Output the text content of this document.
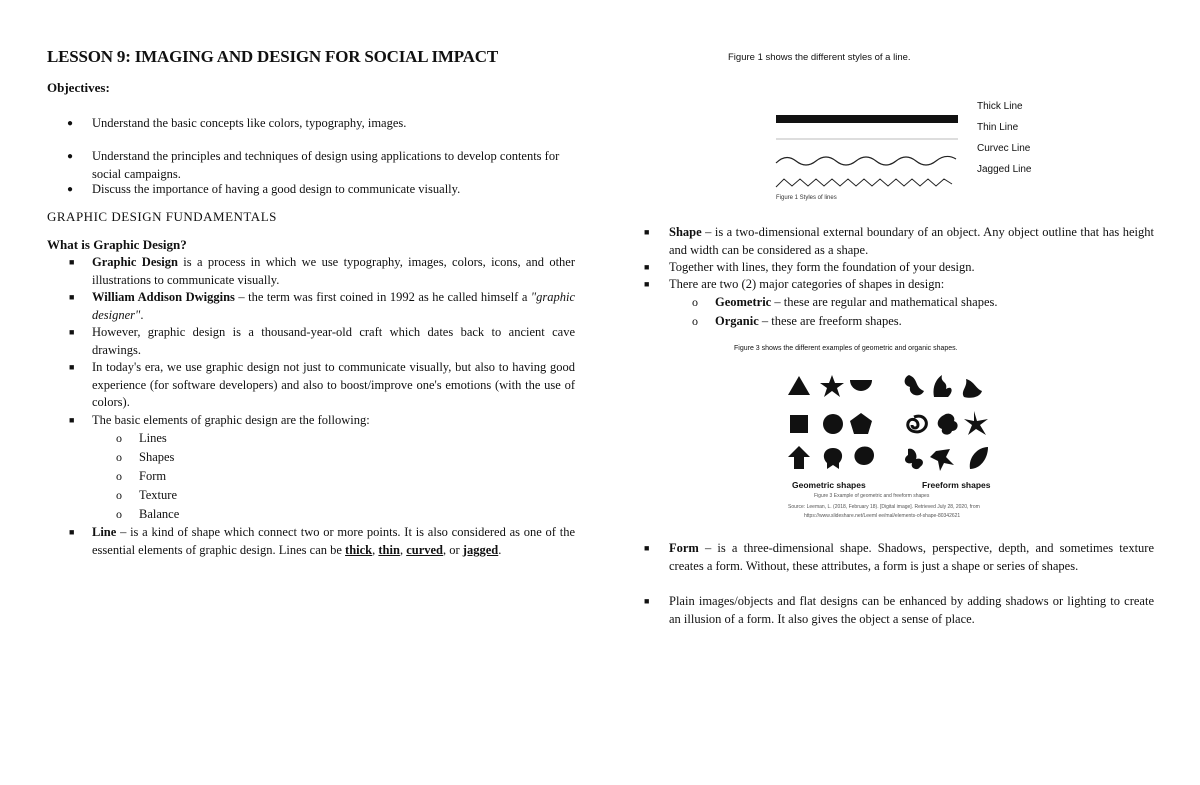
LESSON 9: IMAGING AND DESIGN FOR SOCIAL IMPACT
Objectives:
● Understand the basic concepts like colors, typography, images.
● Understand the principles and techniques of design using applications to develop contents for social campaigns.
● Discuss the importance of having a good design to communicate visually.
GRAPHIC DESIGN FUNDAMENTALS
What is Graphic Design?
■ Graphic Design is a process in which we use typography, images, colors, icons, and other illustrations to communicate visually.
■ William Addison Dwiggins – the term was first coined in 1992 as he called himself a "graphic designer".
■ However, graphic design is a thousand-year-old craft which dates back to ancient cave drawings.
■ In today's era, we use graphic design not just to communicate visually, but also to having good experience (for software developers) and also to boost/improve one's emotions (with the use of colors).
■ The basic elements of graphic design are the following:
o Lines
o Shapes
o Form
o Texture
o Balance
■ Line – is a kind of shape which connect two or more points. It is also considered as one of the essential elements of graphic design. Lines can be thick, thin, curved, or jagged.
Figure 1 shows the different styles of a line.
Figure 1 Styles of lines
Thick Line
Thin Line
Curvec Line
Jagged Line
■ Shape – is a two-dimensional external boundary of an object. Any object outline that has height and width can be considered as a shape.
■ Together with lines, they form the foundation of your design.
■ There are two (2) major categories of shapes in design:
o Geometric – these are regular and mathematical shapes.
o Organic – these are freeform shapes.
Figure 3 shows the different examples of geometric and organic shapes.
Geometric shapes	Freeform shapes
Figure 3 Example of geometric and freeform shapes
Source: Leeman, L. (2018, February 18). [Digital image]. Retrieved July 28, 2020, from
https://www.slideshare.net/Leeml ee/mal/elements-of-shape-80342621
■ Form – is a three-dimensional shape. Shadows, perspective, depth, and sometimes texture creates a form. Without, these attributes, a form is just a shape or series of shapes.
■ Plain images/objects and flat designs can be enhanced by adding shadows or lighting to create an illusion of a form. It also gives the object a sense of place.
